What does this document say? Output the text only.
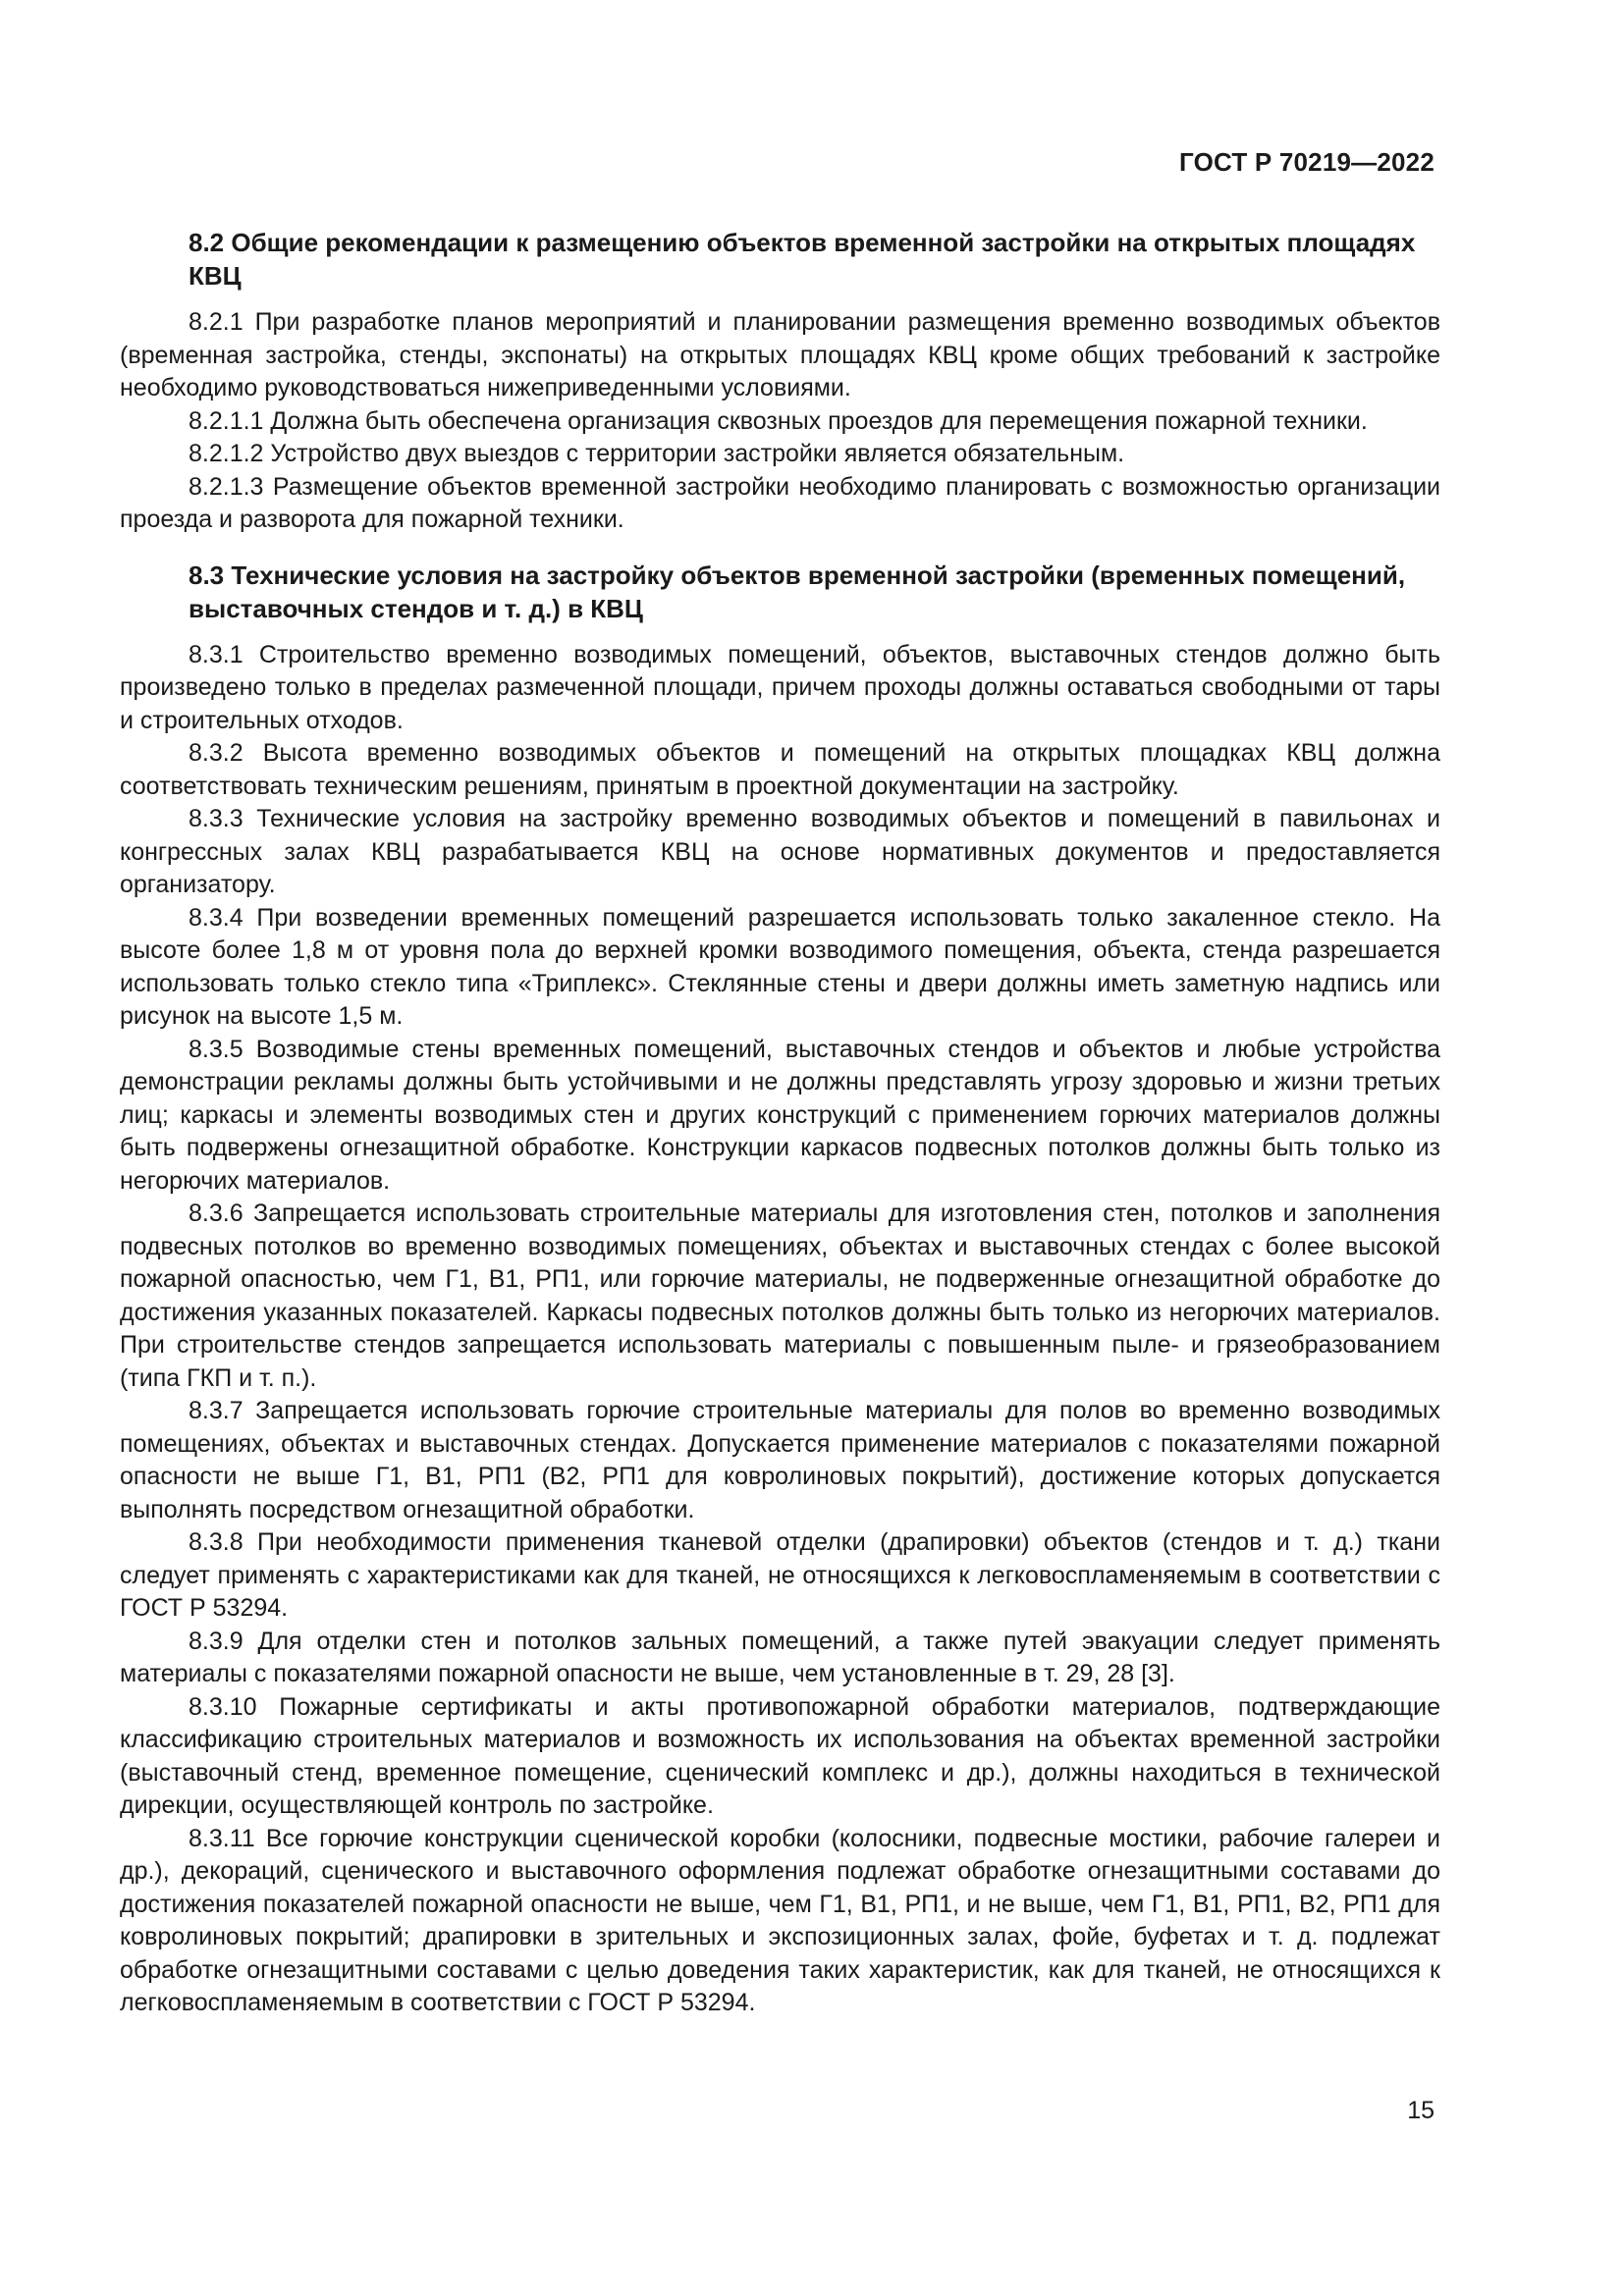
ГОСТ Р 70219—2022
8.2 Общие рекомендации к размещению объектов временной застройки на открытых площадях КВЦ

8.2.1 При разработке планов мероприятий и планировании размещения временно возводимых объектов (временная застройка, стенды, экспонаты) на открытых площадях КВЦ кроме общих требований к застройке необходимо руководствоваться нижеприведенными условиями.

8.2.1.1 Должна быть обеспечена организация сквозных проездов для перемещения пожарной техники.

8.2.1.2 Устройство двух выездов с территории застройки является обязательным.

8.2.1.3 Размещение объектов временной застройки необходимо планировать с возможностью организации проезда и разворота для пожарной техники.

8.3 Технические условия на застройку объектов временной застройки (временных помещений, выставочных стендов и т. д.) в КВЦ

8.3.1 Строительство временно возводимых помещений, объектов, выставочных стендов должно быть произведено только в пределах размеченной площади, причем проходы должны оставаться свободными от тары и строительных отходов.

8.3.2 Высота временно возводимых объектов и помещений на открытых площадках КВЦ должна соответствовать техническим решениям, принятым в проектной документации на застройку.

8.3.3 Технические условия на застройку временно возводимых объектов и помещений в павильонах и конгрессных залах КВЦ разрабатывается КВЦ на основе нормативных документов и предоставляется организатору.

8.3.4 При возведении временных помещений разрешается использовать только закаленное стекло. На высоте более 1,8 м от уровня пола до верхней кромки возводимого помещения, объекта, стенда разрешается использовать только стекло типа «Триплекс». Стеклянные стены и двери должны иметь заметную надпись или рисунок на высоте 1,5 м.

8.3.5 Возводимые стены временных помещений, выставочных стендов и объектов и любые устройства демонстрации рекламы должны быть устойчивыми и не должны представлять угрозу здоровью и жизни третьих лиц; каркасы и элементы возводимых стен и других конструкций с применением горючих материалов должны быть подвержены огнезащитной обработке. Конструкции каркасов подвесных потолков должны быть только из негорючих материалов.

8.3.6 Запрещается использовать строительные материалы для изготовления стен, потолков и заполнения подвесных потолков во временно возводимых помещениях, объектах и выставочных стендах с более высокой пожарной опасностью, чем Г1, В1, РП1, или горючие материалы, не подверженные огнезащитной обработке до достижения указанных показателей. Каркасы подвесных потолков должны быть только из негорючих материалов. При строительстве стендов запрещается использовать материалы с повышенным пыле- и грязеобразованием (типа ГКП и т. п.).

8.3.7 Запрещается использовать горючие строительные материалы для полов во временно возводимых помещениях, объектах и выставочных стендах. Допускается применение материалов с показателями пожарной опасности не выше Г1, В1, РП1 (В2, РП1 для ковролиновых покрытий), достижение которых допускается выполнять посредством огнезащитной обработки.

8.3.8 При необходимости применения тканевой отделки (драпировки) объектов (стендов и т. д.) ткани следует применять с характеристиками как для тканей, не относящихся к легковоспламеняемым в соответствии с ГОСТ Р 53294.

8.3.9 Для отделки стен и потолков зальных помещений, а также путей эвакуации следует применять материалы с показателями пожарной опасности не выше, чем установленные в т. 29, 28 [3].

8.3.10 Пожарные сертификаты и акты противопожарной обработки материалов, подтверждающие классификацию строительных материалов и возможность их использования на объектах временной застройки (выставочный стенд, временное помещение, сценический комплекс и др.), должны находиться в технической дирекции, осуществляющей контроль по застройке.

8.3.11 Все горючие конструкции сценической коробки (колосники, подвесные мостики, рабочие галереи и др.), декораций, сценического и выставочного оформления подлежат обработке огнезащитными составами до достижения показателей пожарной опасности не выше, чем Г1, В1, РП1, и не выше, чем Г1, В1, РП1, В2, РП1 для ковролиновых покрытий; драпировки в зрительных и экспозиционных залах, фойе, буфетах и т. д. подлежат обработке огнезащитными составами с целью доведения таких характеристик, как для тканей, не относящихся к легковоспламеняемым в соответствии с ГОСТ Р 53294.

15
